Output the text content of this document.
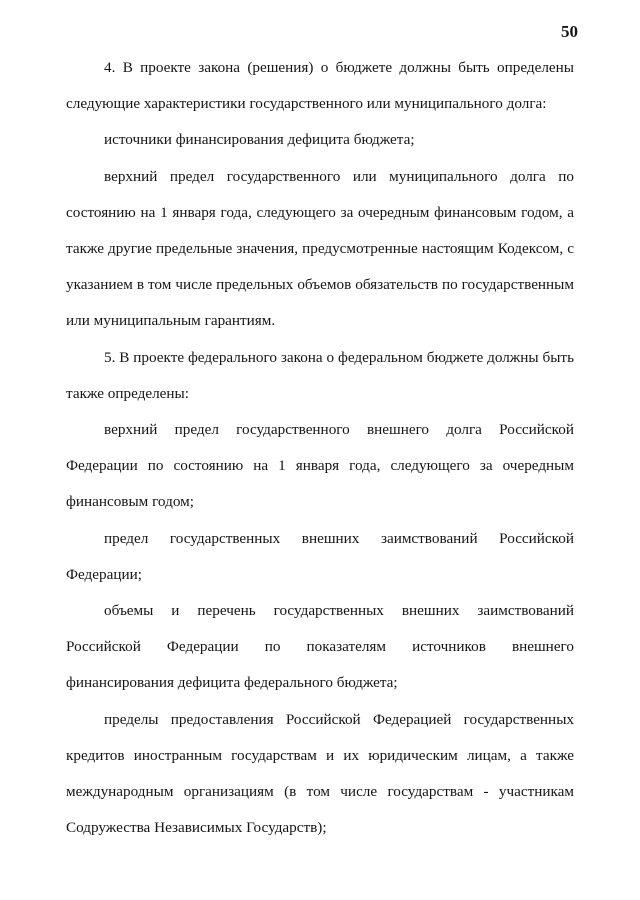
50

4. В проекте закона (решения) о бюджете должны быть определены следующие характеристики государственного или муниципального долга:

источники финансирования дефицита бюджета;

верхний предел государственного или муниципального долга по состоянию на 1 января года, следующего за очередным финансовым годом, а также другие предельные значения, предусмотренные настоящим Кодексом, с указанием в том числе предельных объемов обязательств по государственным или муниципальным гарантиям.

5. В проекте федерального закона о федеральном бюджете должны быть также определены:

верхний предел государственного внешнего долга Российской Федерации по состоянию на 1 января года, следующего за очередным финансовым годом;

предел государственных внешних заимствований Российской Федерации;

объемы и перечень государственных внешних заимствований Российской Федерации по показателям источников внешнего финансирования дефицита федерального бюджета;

пределы предоставления Российской Федерацией государственных кредитов иностранным государствам и их юридическим лицам, а также международным организациям (в том числе государствам - участникам Содружества Независимых Государств);
